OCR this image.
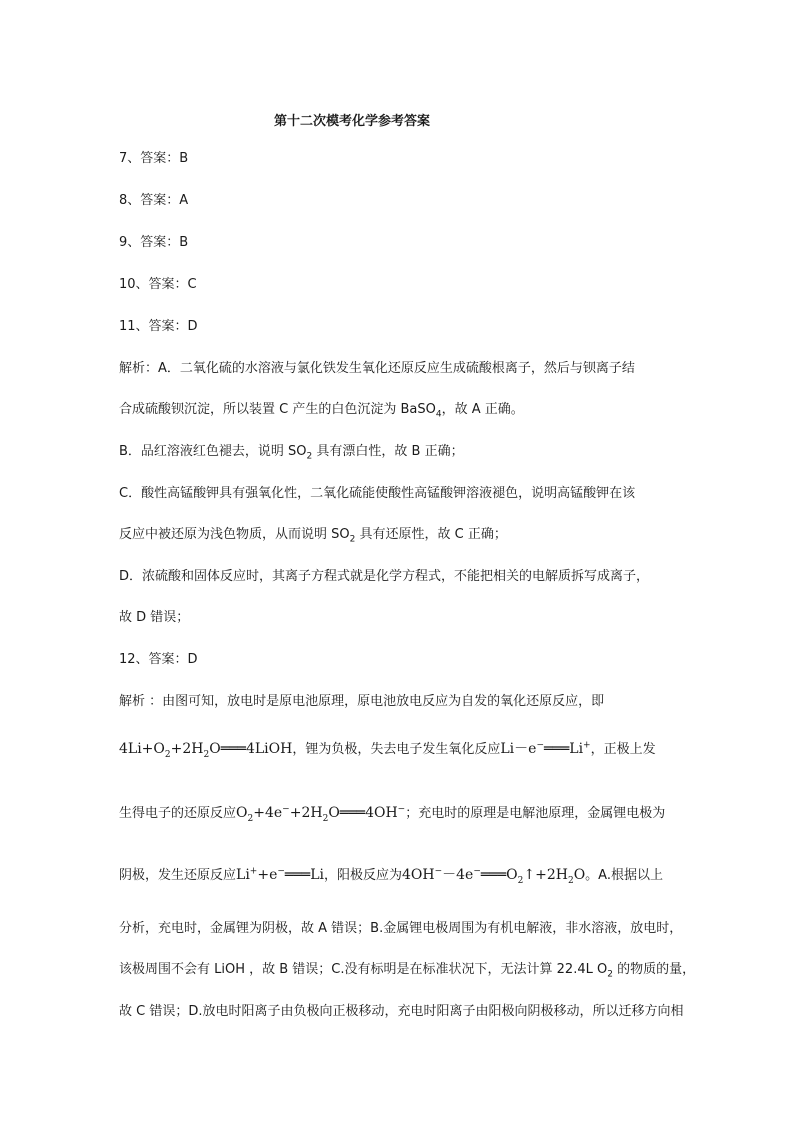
第十二次模考化学参考答案

7、答案：B

8、答案：A

9、答案：B

10、答案：C

11、答案：D

解析：A．二氧化硫的水溶液与氯化铁发生氧化还原反应生成硫酸根离子，然后与钡离子结

合成硫酸钡沉淀，所以装置 C 产生的白色沉淀为 BaSO$_4$，故 A 正确。

B．品红溶液红色褪去，说明 $SO_2$ 具有漂白性，故 B 正确；

C．酸性高锰酸钾具有强氧化性，二氧化硫能使酸性高锰酸钾溶液褪色，说明高锰酸钾在该

反应中被还原为浅色物质，从而说明 $SO_2$ 具有还原性，故 C 正确；

D．浓硫酸和固体反应时，其离子方程式就是化学方程式，不能把相关的电解质拆写成离子，

故 D 错误；

12、答案：D

解析 ：由图可知，放电时是原电池原理，原电池放电反应为自发的氧化还原反应，即

$4Li+O_2+2H_2O═══4LiOH$，锂为负极，失去电子发生氧化反应Li－e−═══Li+，正极上发

生得电子的还原反应$O_2+4e^-+2H_2O═══4OH^-$；充电时的原理是电解池原理，金属锂电极为

阴极，发生还原反应Li++e−═══Li，阳极反应为$4OH^--4e^-═══O_2↑+2H_2O$。A.根据以上

分析，充电时，金属锂为阴极，故 A 错误；B.金属锂电极周围为有机电解液，非水溶液，放电时，

该极周围不会有 LiOH ，故 B 错误；C.没有标明是在标准状况下，无法计算 22.4L $O_2$ 的物质的量，

故 C 错误；D.放电时阳离子由负极向正极移动，充电时阳离子由阳极向阴极移动，所以迁移方向相
